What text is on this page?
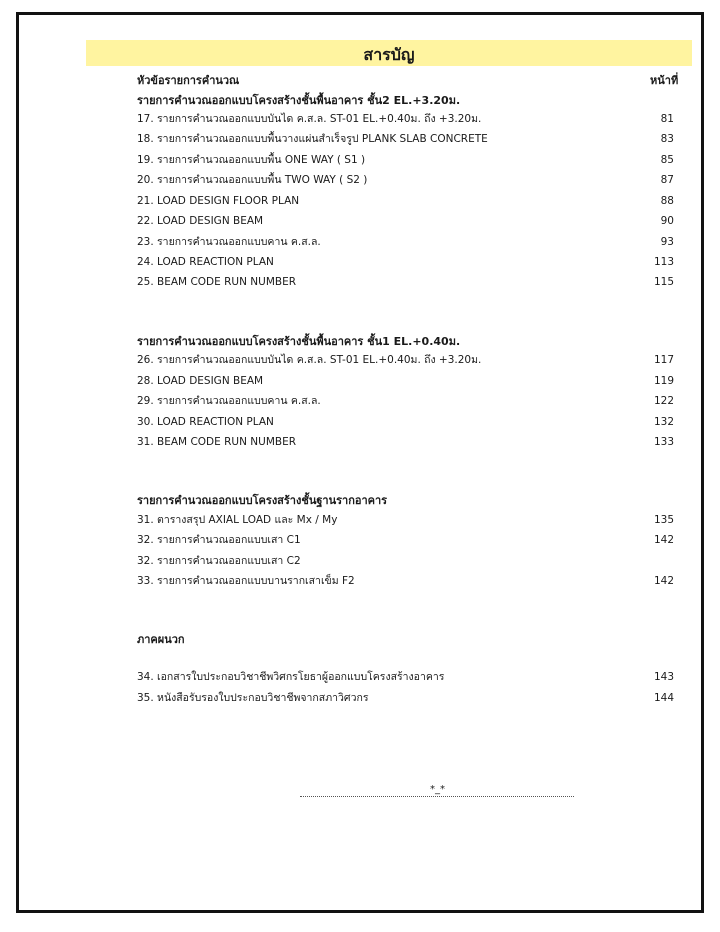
สารบัญ
หัวข้อรายการคำนวณ	หน้าที่
รายการคำนวณออกแบบโครงสร้างชั้นพื้นอาคาร ชั้น2 EL.+3.20ม.
17. รายการคำนวณออกแบบบันได ค.ส.ล. ST-01 EL.+0.40ม. ถึง +3.20ม.	81
18. รายการคำนวณออกแบบพื้นวางแผ่นสำเร็จรูป PLANK SLAB CONCRETE	83
19. รายการคำนวณออกแบบพื้น ONE WAY ( S1 )	85
20. รายการคำนวณออกแบบพื้น TWO WAY ( S2 )	87
21. LOAD DESIGN FLOOR PLAN	88
22. LOAD DESIGN BEAM	90
23. รายการคำนวณออกแบบคาน ค.ส.ล.	93
24. LOAD REACTION PLAN	113
25. BEAM CODE RUN NUMBER	115
รายการคำนวณออกแบบโครงสร้างชั้นพื้นอาคาร ชั้น1 EL.+0.40ม.
26. รายการคำนวณออกแบบบันได ค.ส.ล. ST-01 EL.+0.40ม. ถึง +3.20ม.	117
28. LOAD DESIGN BEAM	119
29. รายการคำนวณออกแบบคาน ค.ส.ล.	122
30. LOAD REACTION PLAN	132
31. BEAM CODE RUN NUMBER	133
รายการคำนวณออกแบบโครงสร้างชั้นฐานรากอาคาร
31. ตารางสรุป AXIAL LOAD และ Mx / My	135
32. รายการคำนวณออกแบบเสา C1	142
32. รายการคำนวณออกแบบเสา C2
33. รายการคำนวณออกแบบบานรากเสาเข็ม F2	142
ภาคผนวก
34. เอกสารใบประกอบวิชาชีพวิศกรโยธาผู้ออกแบบโครงสร้างอาคาร	143
35. หนังสือรับรองใบประกอบวิชาชีพจากสภาวิศวกร	144
*_*
